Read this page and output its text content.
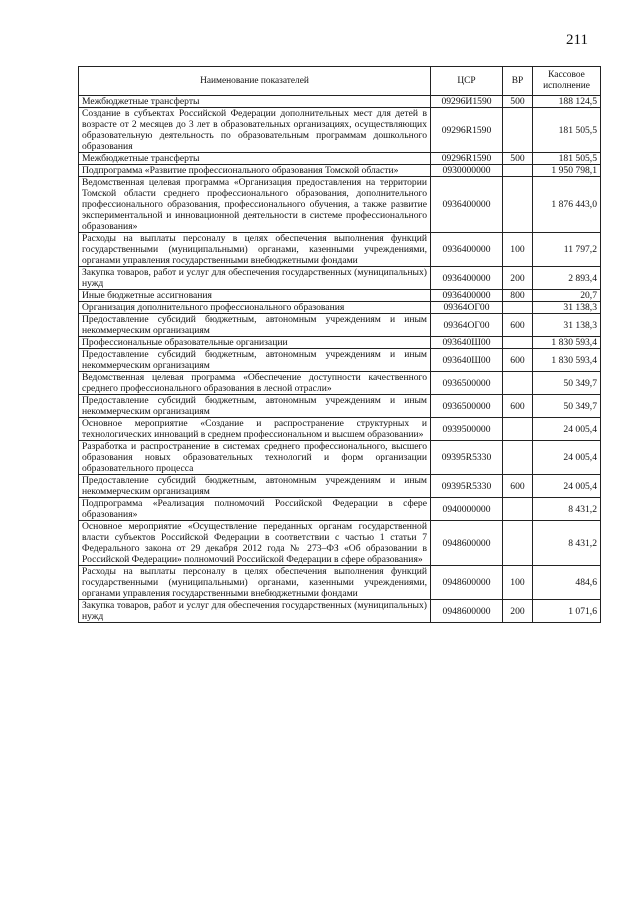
211
Наименование показателей	ЦСР	ВР	Кассовое исполнение
Межбюджетные трансферты	09296И1590	500	188 124,5
Создание в субъектах Российской Федерации дополнительных мест для детей в возрасте от 2 месяцев до 3 лет в образовательных организациях, осуществляющих образовательную деятельность по образовательным программам дошкольного образования	09296R1590		181 505,5
Межбюджетные трансферты	09296R1590	500	181 505,5
Подпрограмма «Развитие профессионального образования Томской области»	0930000000		1 950 798,1
Ведомственная целевая программа «Организация предоставления на территории Томской области среднего профессионального образования, дополнительного профессионального образования, профессионального обучения, а также развитие экспериментальной и инновационной деятельности в системе профессионального образования»	0936400000		1 876 443,0
Расходы на выплаты персоналу в целях обеспечения выполнения функций государственными (муниципальными) органами, казенными учреждениями, органами управления государственными внебюджетными фондами	0936400000	100	11 797,2
Закупка товаров, работ и услуг для обеспечения государственных (муниципальных) нужд	0936400000	200	2 893,4
Иные бюджетные ассигнования	0936400000	800	20,7
Организация дополнительного профессионального образования	09364ОГ00		31 138,3
Предоставление субсидий бюджетным, автономным учреждениям и иным некоммерческим организациям	09364ОГ00	600	31 138,3
Профессиональные образовательные организации	093640Ш00		1 830 593,4
Предоставление субсидий бюджетным, автономным учреждениям и иным некоммерческим организациям	093640Ш00	600	1 830 593,4
Ведомственная целевая программа «Обеспечение доступности качественного среднего профессионального образования в лесной отрасли»	0936500000		50 349,7
Предоставление субсидий бюджетным, автономным учреждениям и иным некоммерческим организациям	0936500000	600	50 349,7
Основное мероприятие «Создание и распространение структурных и технологических инноваций в среднем профессиональном и высшем образовании»	0939500000		24 005,4
Разработка и распространение в системах среднего профессионального, высшего образования новых образовательных технологий и форм организации образовательного процесса	09395R5330		24 005,4
Предоставление субсидий бюджетным, автономным учреждениям и иным некоммерческим организациям	09395R5330	600	24 005,4
Подпрограмма «Реализация полномочий Российской Федерации в сфере образования»	0940000000		8 431,2
Основное мероприятие «Осуществление переданных органам государственной власти субъектов Российской Федерации в соответствии с частью 1 статьи 7 Федерального закона от 29 декабря 2012 года № 273–ФЗ «Об образовании в Российской Федерации» полномочий Российской Федерации в сфере образования»	0948600000		8 431,2
Расходы на выплаты персоналу в целях обеспечения выполнения функций государственными (муниципальными) органами, казенными учреждениями, органами управления государственными внебюджетными фондами	0948600000	100	484,6
Закупка товаров, работ и услуг для обеспечения государственных (муниципальных) нужд	0948600000	200	1 071,6
